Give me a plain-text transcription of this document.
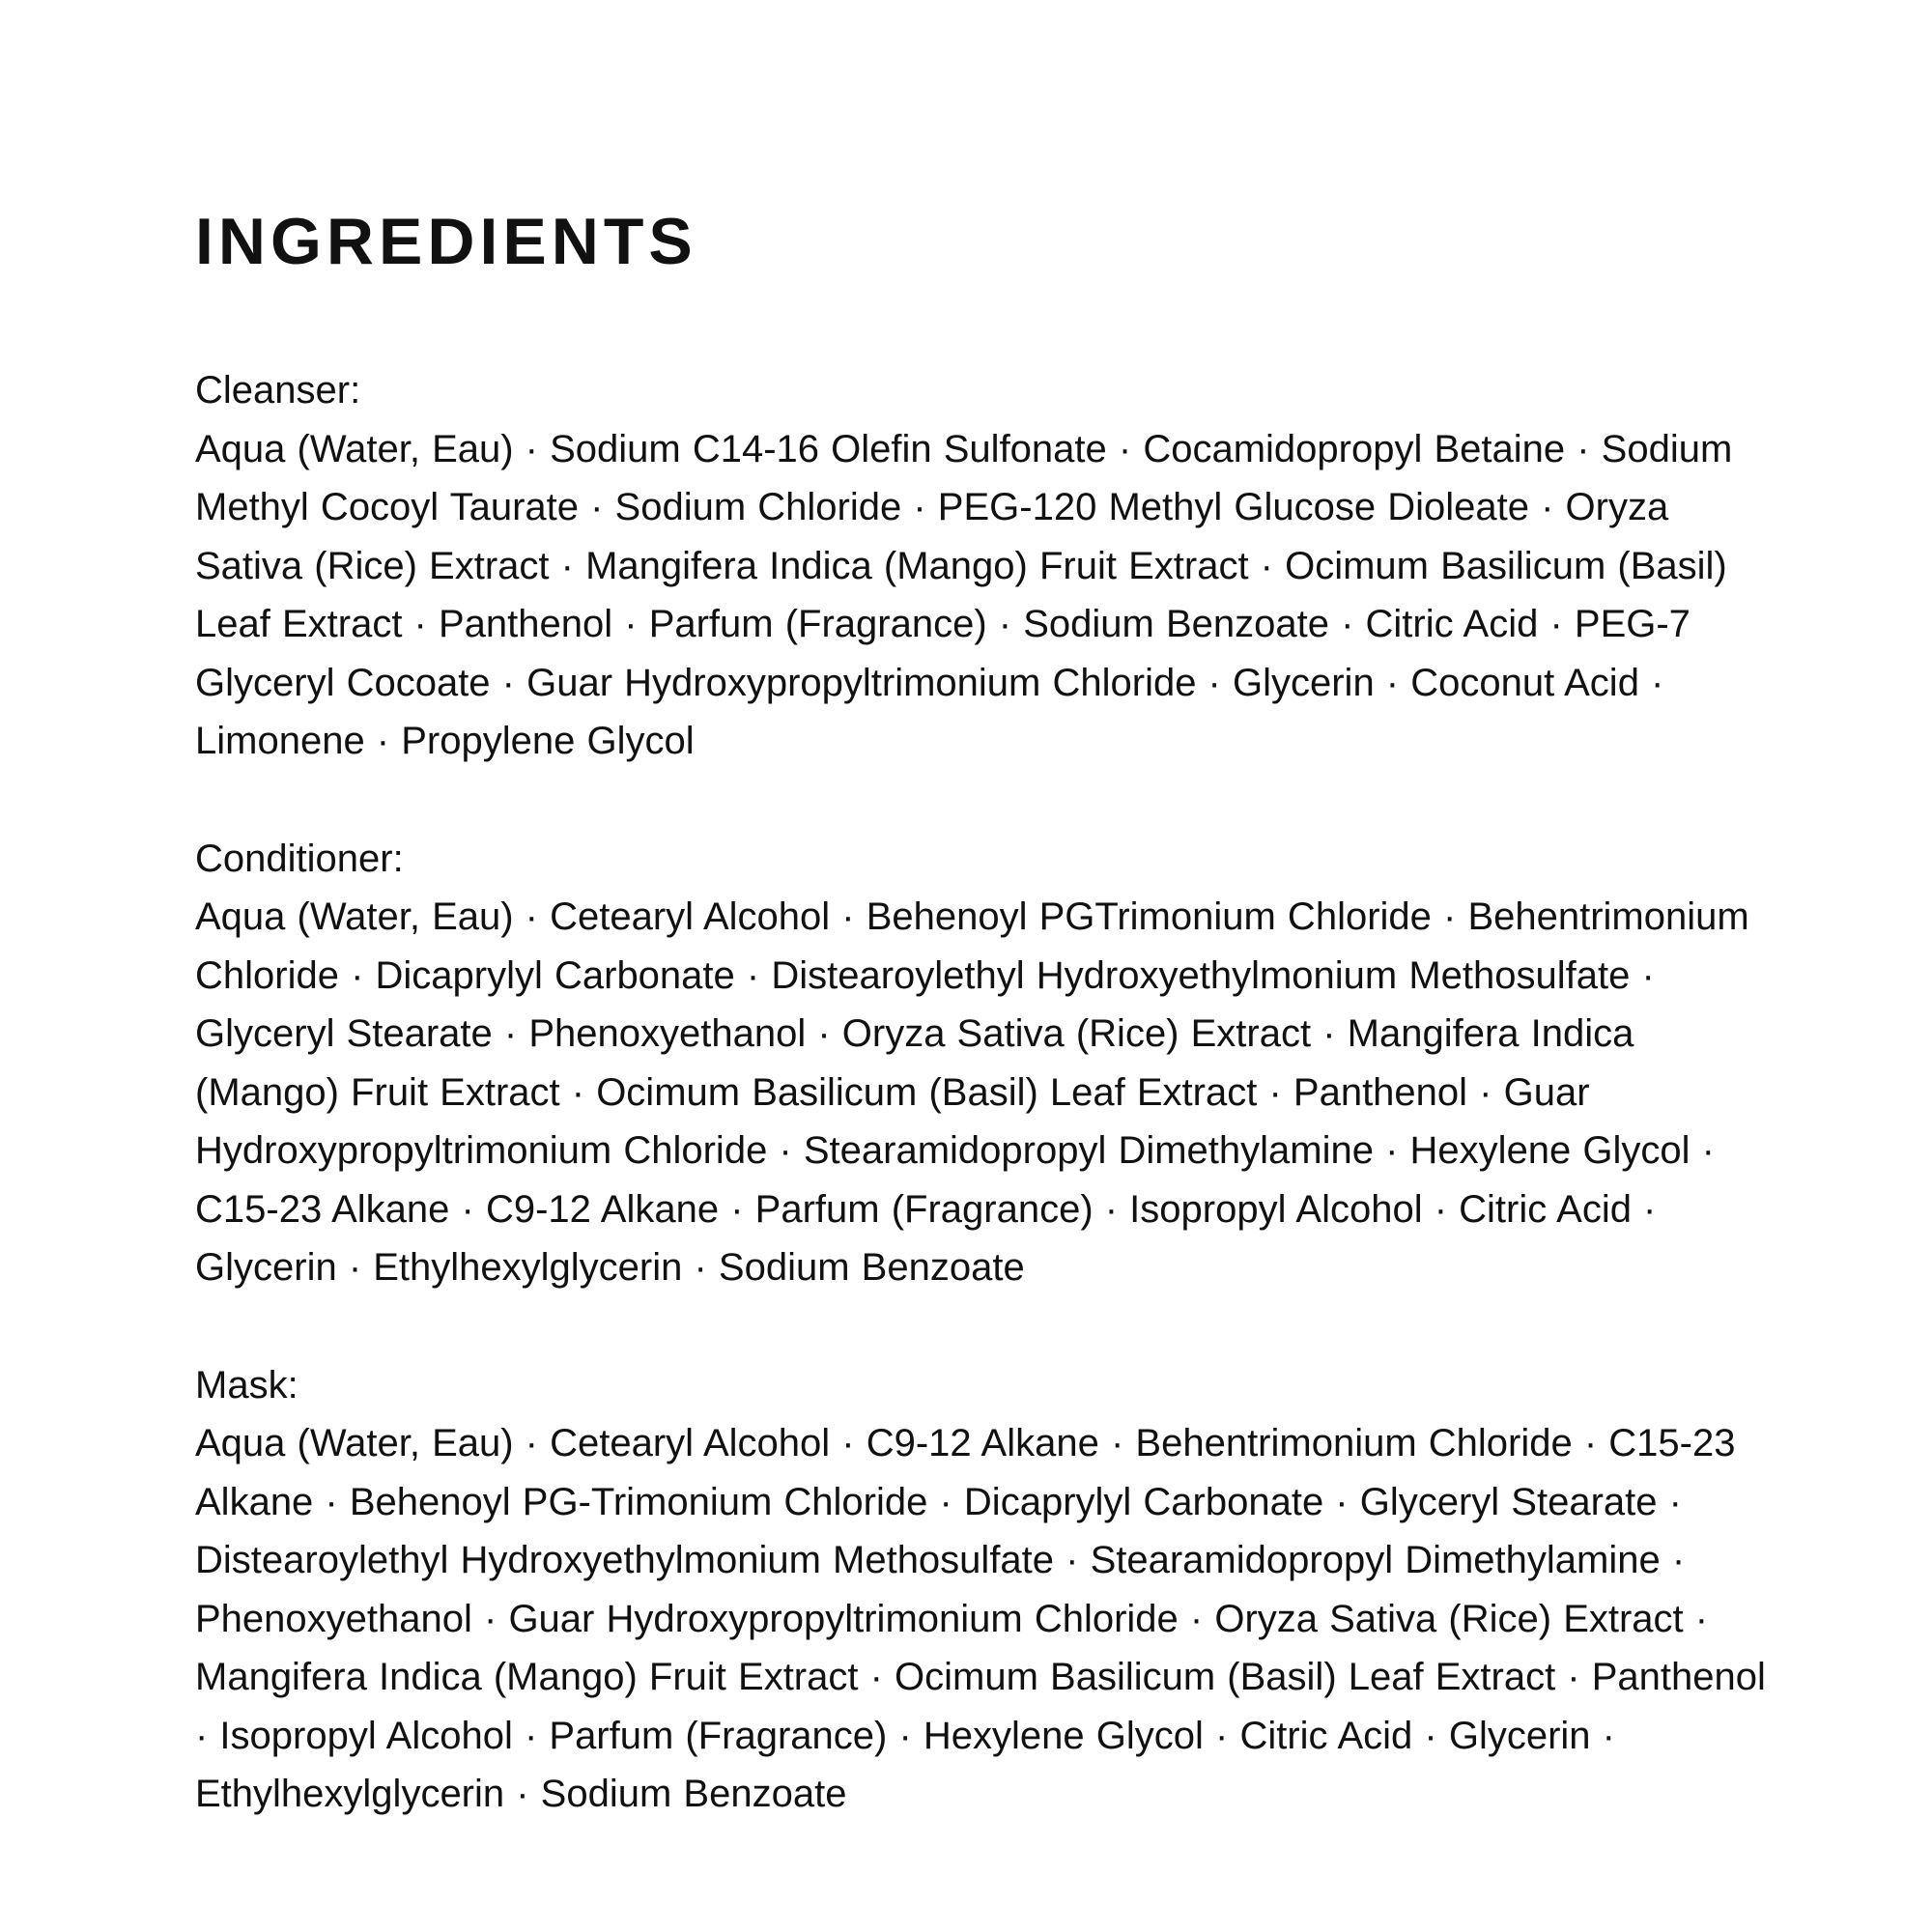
INGREDIENTS
Cleanser:

Aqua (Water, Eau) · Sodium C14-16 Olefin Sulfonate · Cocamidopropyl Betaine · Sodium Methyl Cocoyl Taurate · Sodium Chloride · PEG-120 Methyl Glucose Dioleate · Oryza Sativa (Rice) Extract · Mangifera Indica (Mango) Fruit Extract · Ocimum Basilicum (Basil) Leaf Extract · Panthenol · Parfum (Fragrance) · Sodium Benzoate · Citric Acid · PEG-7 Glyceryl Cocoate · Guar Hydroxypropyltrimonium Chloride · Glycerin · Coconut Acid · Limonene · Propylene Glycol

Conditioner:

Aqua (Water, Eau) · Cetearyl Alcohol · Behenoyl PGTrimonium Chloride · Behentrimonium Chloride · Dicaprylyl Carbonate · Distearoylethyl Hydroxyethylmonium Methosulfate · Glyceryl Stearate · Phenoxyethanol · Oryza Sativa (Rice) Extract · Mangifera Indica (Mango) Fruit Extract · Ocimum Basilicum (Basil) Leaf Extract · Panthenol · Guar Hydroxypropyltrimonium Chloride · Stearamidopropyl Dimethylamine · Hexylene Glycol · C15-23 Alkane · C9-12 Alkane · Parfum (Fragrance) · Isopropyl Alcohol · Citric Acid · Glycerin · Ethylhexylglycerin · Sodium Benzoate

Mask:

Aqua (Water, Eau) · Cetearyl Alcohol · C9-12 Alkane · Behentrimonium Chloride · C15-23 Alkane · Behenoyl PG-Trimonium Chloride · Dicaprylyl Carbonate · Glyceryl Stearate · Distearoylethyl Hydroxyethylmonium Methosulfate · Stearamidopropyl Dimethylamine · Phenoxyethanol · Guar Hydroxypropyltrimonium Chloride · Oryza Sativa (Rice) Extract · Mangifera Indica (Mango) Fruit Extract · Ocimum Basilicum (Basil) Leaf Extract · Panthenol · Isopropyl Alcohol · Parfum (Fragrance) · Hexylene Glycol · Citric Acid · Glycerin · Ethylhexylglycerin · Sodium Benzoate
